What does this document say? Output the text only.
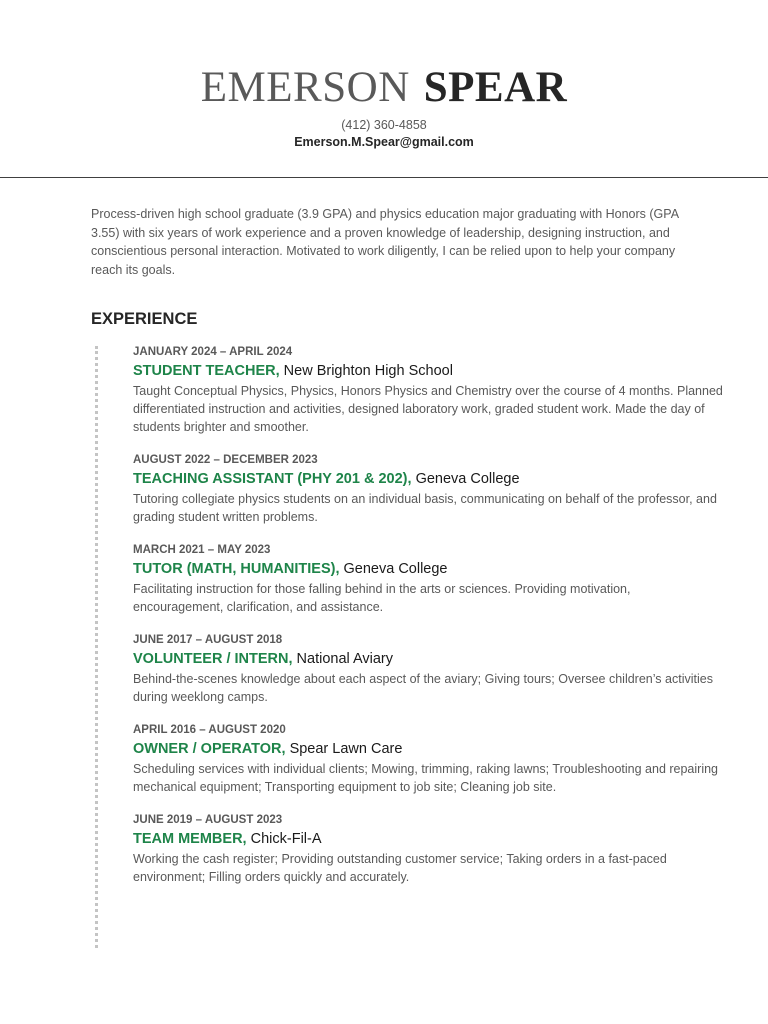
EMERSON SPEAR
(412) 360-4858
Emerson.M.Spear@gmail.com

Process-driven high school graduate (3.9 GPA) and physics education major graduating with Honors (GPA 3.55) with six years of work experience and a proven knowledge of leadership, designing instruction, and conscientious personal interaction. Motivated to work diligently, I can be relied upon to help your company reach its goals.

EXPERIENCE
JANUARY 2024 – APRIL 2024
STUDENT TEACHER, New Brighton High School
Taught Conceptual Physics, Physics, Honors Physics and Chemistry over the course of 4 months. Planned differentiated instruction and activities, designed laboratory work, graded student work. Made the day of students brighter and smoother.
AUGUST 2022 – DECEMBER 2023
TEACHING ASSISTANT (PHY 201 & 202), Geneva College
Tutoring collegiate physics students on an individual basis, communicating on behalf of the professor, and grading student written problems.
MARCH 2021 – MAY 2023
TUTOR (MATH, HUMANITIES), Geneva College
Facilitating instruction for those falling behind in the arts or sciences. Providing motivation, encouragement, clarification, and assistance.
JUNE 2017 – AUGUST 2018
VOLUNTEER / INTERN, National Aviary
Behind-the-scenes knowledge about each aspect of the aviary; Giving tours; Oversee children’s activities during weeklong camps.
APRIL 2016 – AUGUST 2020
OWNER / OPERATOR, Spear Lawn Care
Scheduling services with individual clients; Mowing, trimming, raking lawns; Troubleshooting and repairing mechanical equipment; Transporting equipment to job site; Cleaning job site.
JUNE 2019 – AUGUST 2023
TEAM MEMBER, Chick-Fil-A
Working the cash register; Providing outstanding customer service; Taking orders in a fast-paced environment; Filling orders quickly and accurately.
